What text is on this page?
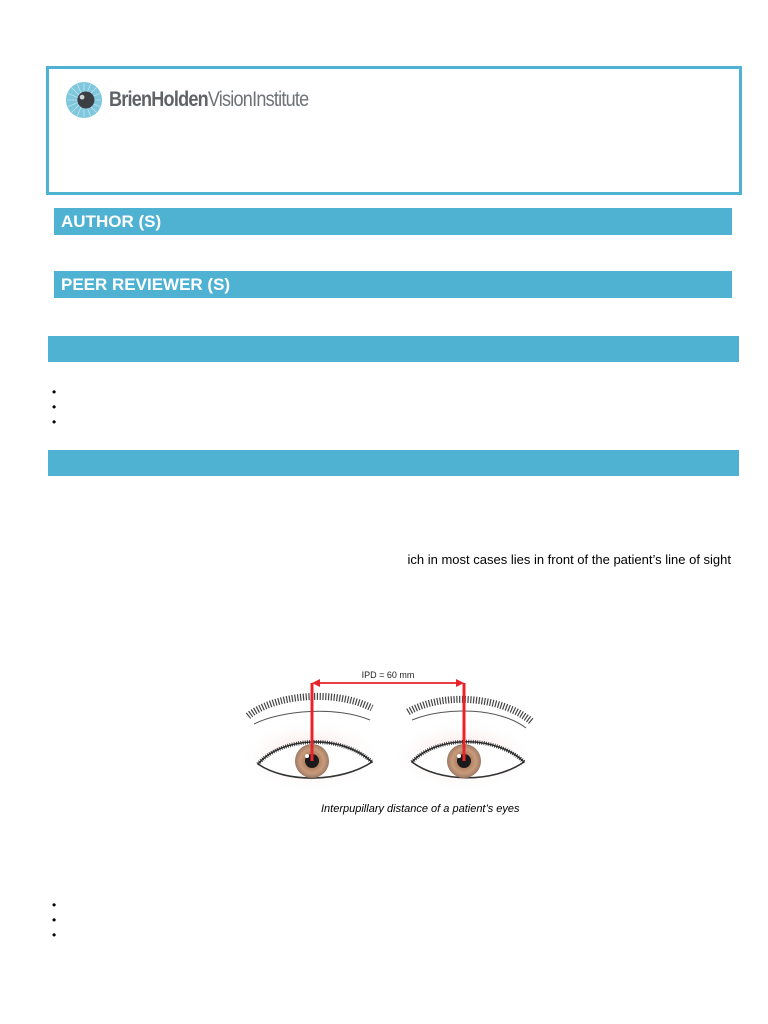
BrienHoldenVisionInstitute
AUTHOR (S)
PEER REVIEWER (S)
•
•
•
ich in most cases lies in front of the patient’s line of sight
IPD = 60 mm
Interpupillary distance of a patient’s eyes
•
•
•
